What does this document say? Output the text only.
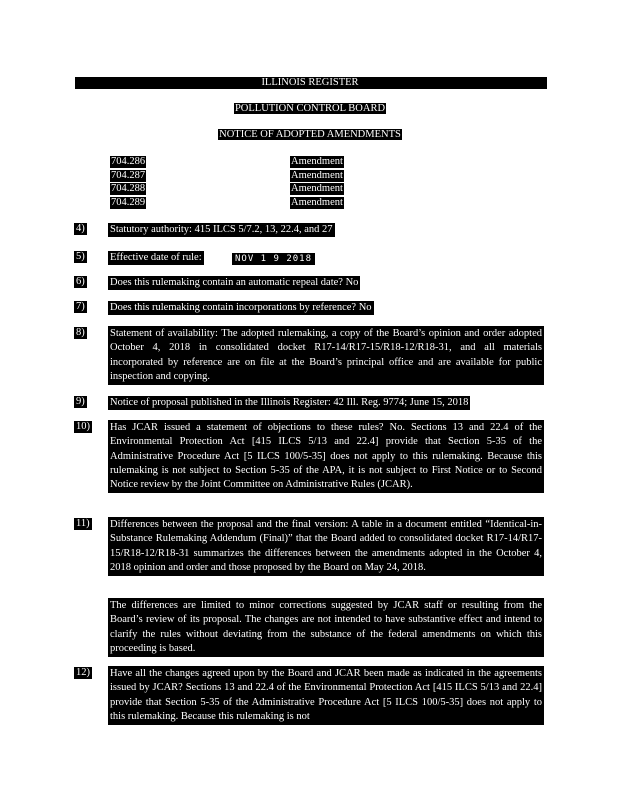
ILLINOIS REGISTER
POLLUTION CONTROL BOARD
NOTICE OF ADOPTED AMENDMENTS
704.286	Amendment
704.287	Amendment
704.288	Amendment
704.289	Amendment
4) Statutory authority: 415 ILCS 5/7.2, 13, 22.4, and 27
5) Effective date of rule:	NOV 1 9 2018
6) Does this rulemaking contain an automatic repeal date? No
7) Does this rulemaking contain incorporations by reference? No
8) Statement of availability: The adopted rulemaking, a copy of the Board’s opinion and order adopted October 4, 2018 in consolidated docket R17-14/R17-15/R18-12/R18-31, and all materials incorporated by reference are on file at the Board’s principal office and are available for public inspection and copying.
9) Notice of proposal published in the Illinois Register: 42 Ill. Reg. 9774; June 15, 2018
10) Has JCAR issued a statement of objections to these rules? No. Sections 13 and 22.4 of the Environmental Protection Act [415 ILCS 5/13 and 22.4] provide that Section 5-35 of the Administrative Procedure Act [5 ILCS 100/5-35] does not apply to this rulemaking. Because this rulemaking is not subject to Section 5-35 of the APA, it is not subject to First Notice or to Second Notice review by the Joint Committee on Administrative Rules (JCAR).
11) Differences between the proposal and the final version: A table in a document entitled “Identical-in-Substance Rulemaking Addendum (Final)” that the Board added to consolidated docket R17-14/R17-15/R18-12/R18-31 summarizes the differences between the amendments adopted in the October 4, 2018 opinion and order and those proposed by the Board on May 24, 2018.
The differences are limited to minor corrections suggested by JCAR staff or resulting from the Board’s review of its proposal. The changes are not intended to have substantive effect and intend to clarify the rules without deviating from the substance of the federal amendments on which this proceeding is based.
12) Have all the changes agreed upon by the Board and JCAR been made as indicated in the agreements issued by JCAR? Sections 13 and 22.4 of the Environmental Protection Act [415 ILCS 5/13 and 22.4] provide that Section 5-35 of the Administrative Procedure Act [5 ILCS 100/5-35] does not apply to this rulemaking. Because this rulemaking is not
